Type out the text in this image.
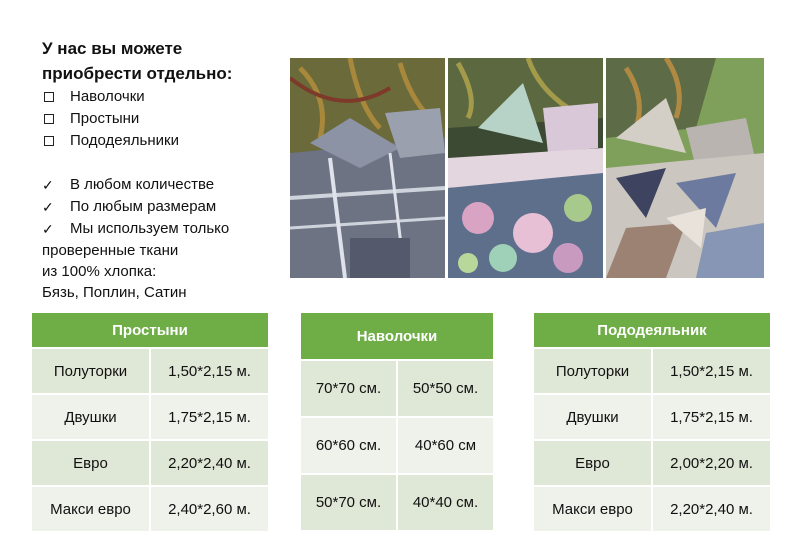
У нас вы можете
приобрести отдельно:

Наволочки
Простыни
Пододеяльники
✓ В любом количестве
✓ По любым размерам
✓ Мы используем только
проверенные ткани
из 100% хлопка:
Бязь, Поплин, Сатин
Простыни	
Полуторки	1,50*2,15 м.
Двушки	1,75*2,15 м.
Евро	2,20*2,40 м.
Макси евро	2,40*2,60 м.
Наволочки	
70*70 см.	50*50 см.
60*60 см.	40*60 см
50*70 см.	40*40 см.
Пододеяльник	
Полуторки	1,50*2,15 м.
Двушки	1,75*2,15 м.
Евро	2,00*2,20 м.
Макси евро	2,20*2,40 м.
